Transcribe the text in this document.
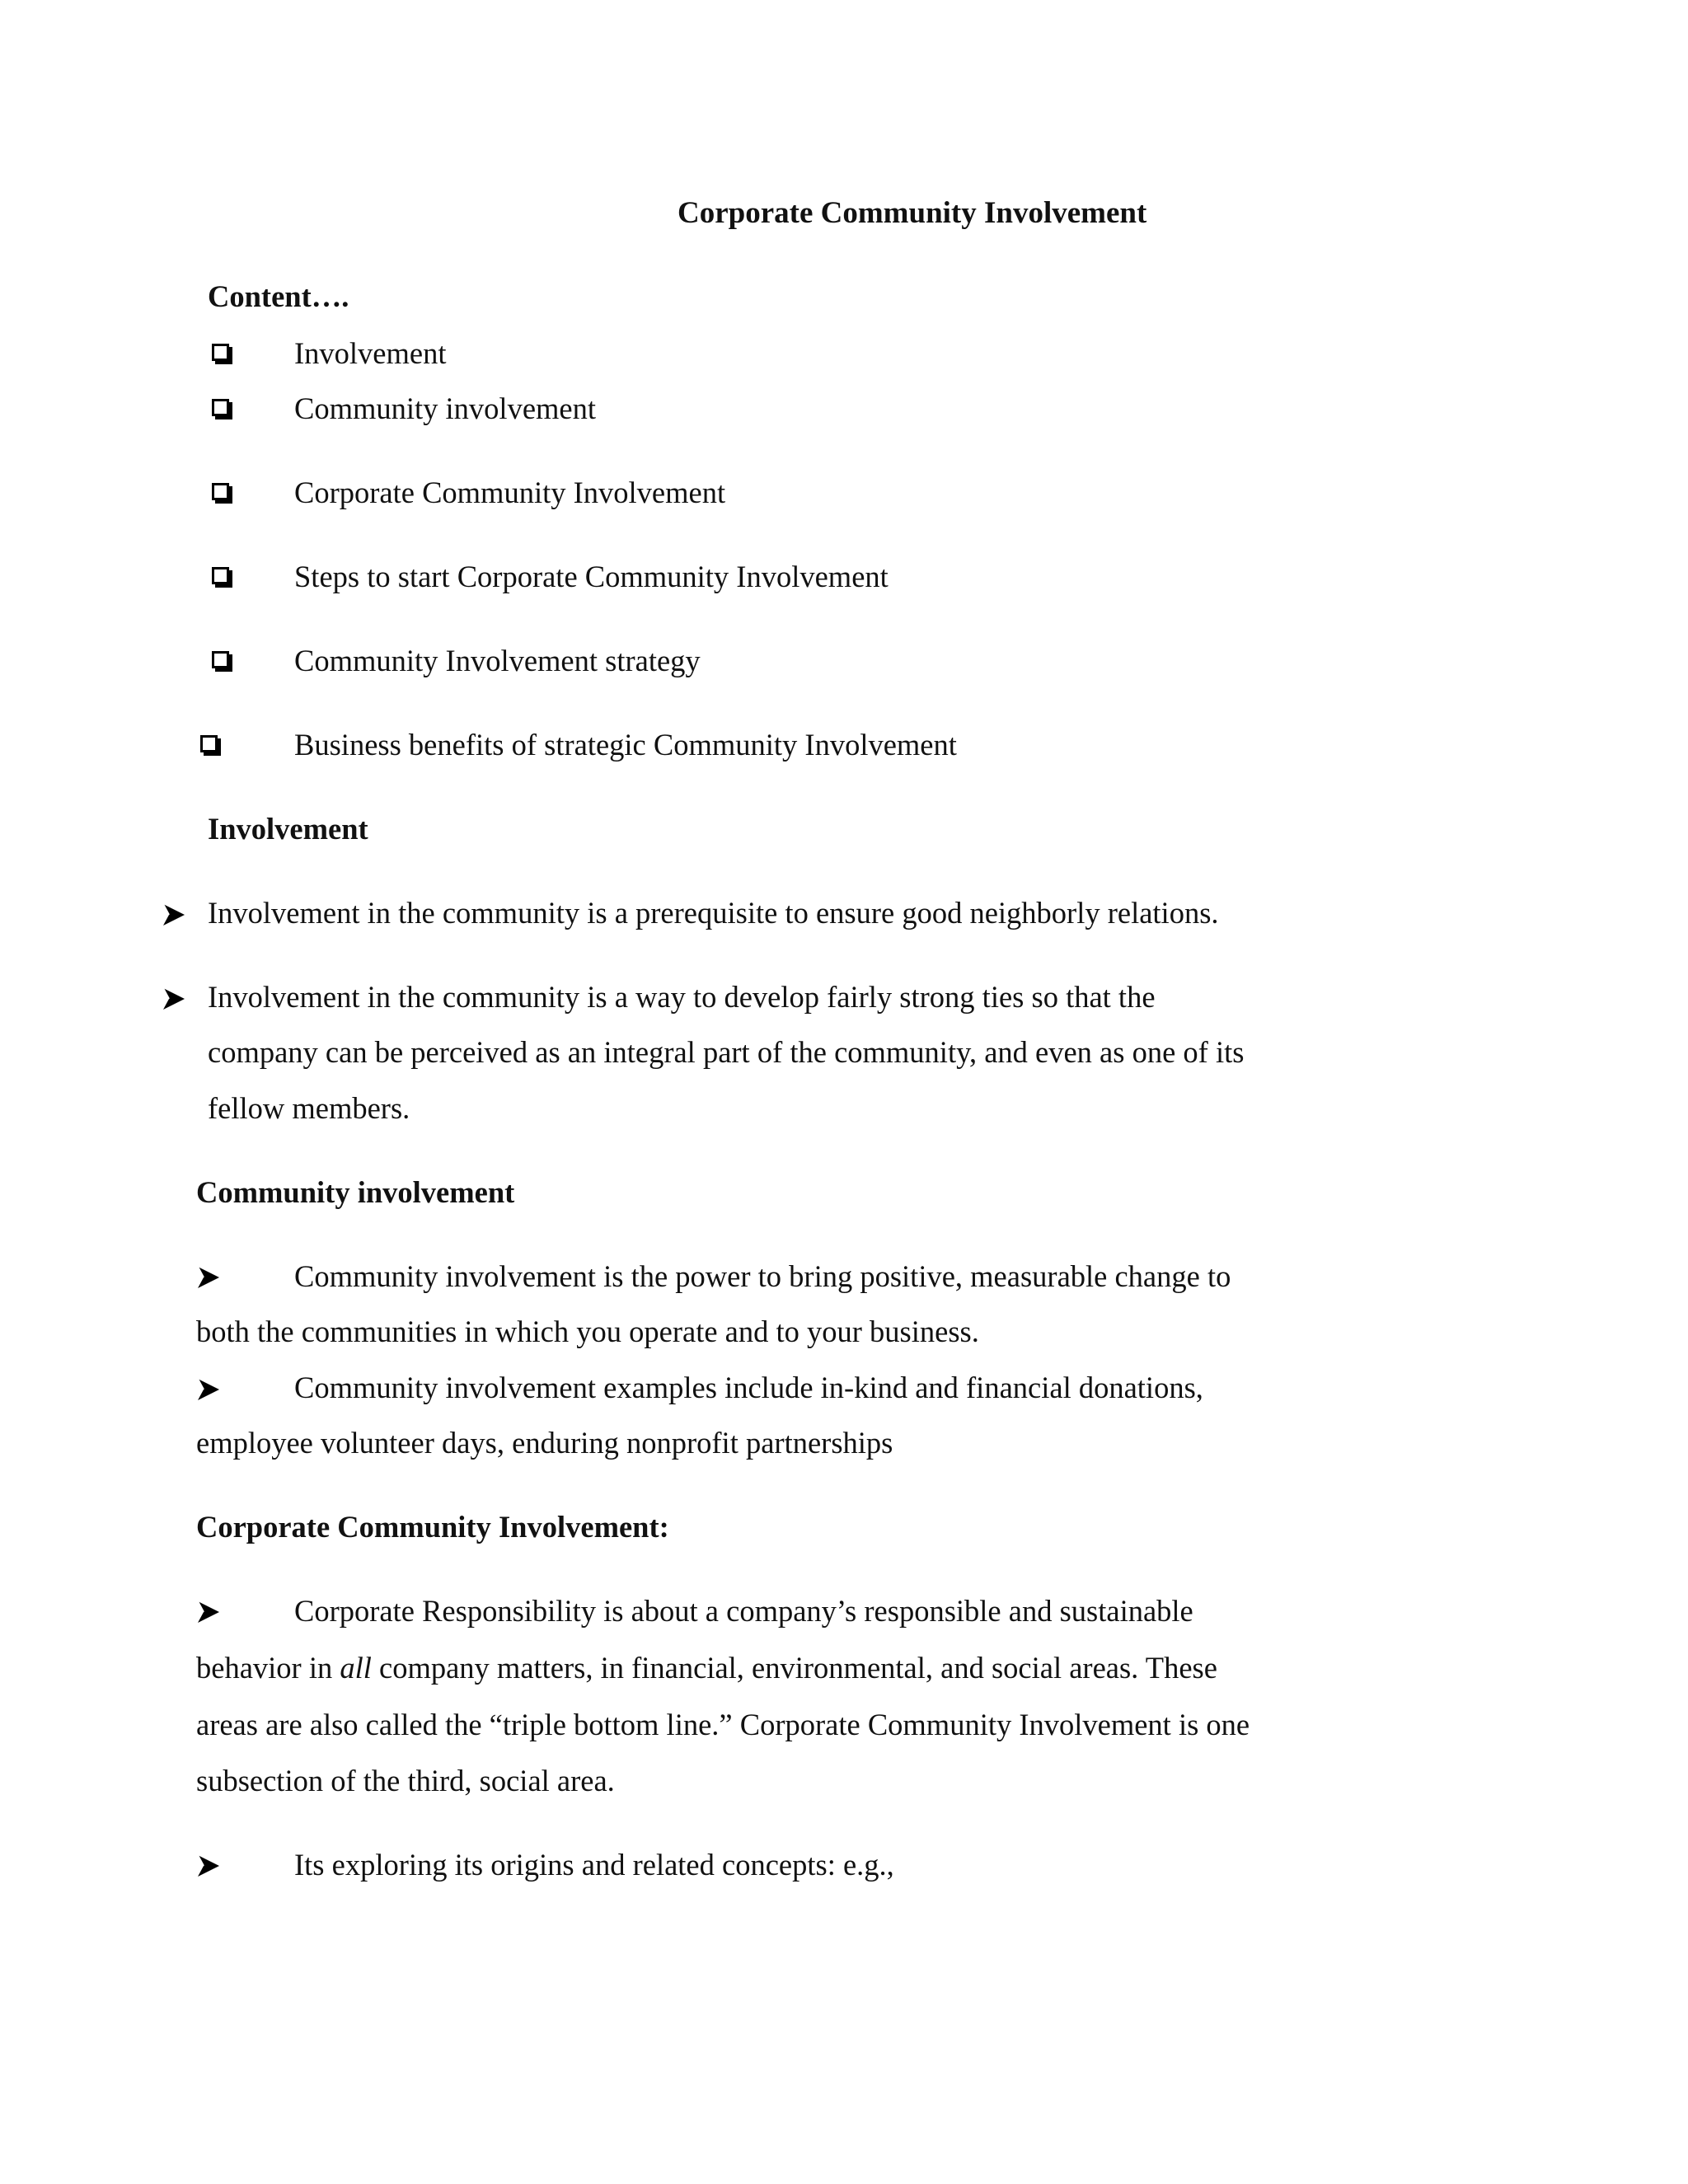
Corporate Community Involvement
Content….
Involvement
Community involvement
Corporate Community Involvement
Steps to start Corporate Community Involvement
Community Involvement strategy
Business benefits of strategic Community Involvement
Involvement
Involvement in the community is a prerequisite to ensure good neighborly relations.
Involvement in the community is a way to develop fairly strong ties so that the
company can be perceived as an integral part of the community, and even as one of its
fellow members.
Community involvement
Community involvement is the power to bring positive, measurable change to
both the communities in which you operate and to your business.
Community involvement examples include in-kind and financial donations,
employee volunteer days, enduring nonprofit partnerships
Corporate Community Involvement:
Corporate Responsibility is about a company’s responsible and sustainable
behavior in all company matters, in financial, environmental, and social areas. These
areas are also called the “triple bottom line.” Corporate Community Involvement is one
subsection of the third, social area.
Its exploring its origins and related concepts: e.g.,
